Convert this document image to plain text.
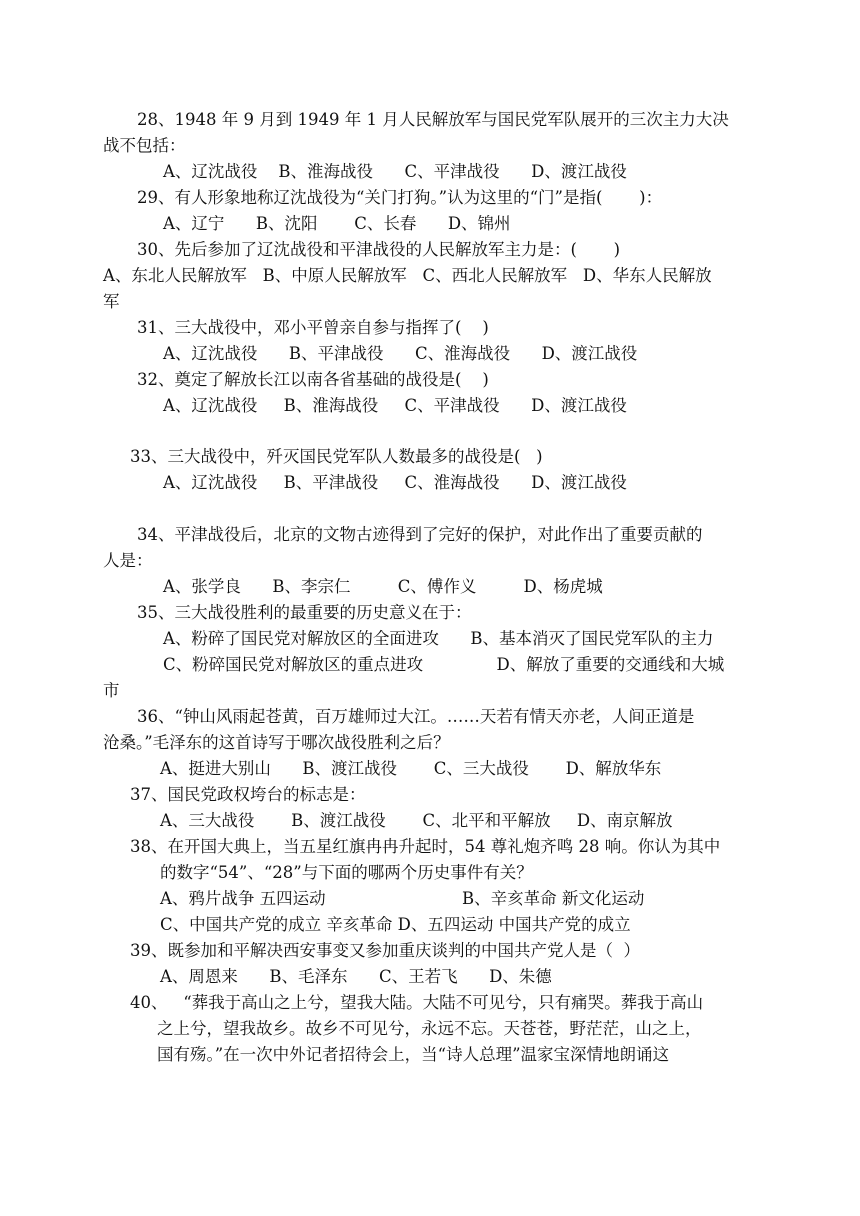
28、1948 年 9 月到 1949 年 1 月人民解放军与国民党军队展开的三次主力大决
战不包括：
A、辽沈战役    B、淮海战役      C、平津战役      D、渡江战役
29、有人形象地称辽沈战役为“关门打狗。”认为这里的“门”是指(       )：
A、辽宁      B、沈阳       C、长春      D、锦州
30、先后参加了辽沈战役和平津战役的人民解放军主力是：(       )
A、东北人民解放军   B、中原人民解放军   C、西北人民解放军   D、华东人民解放
军
31、三大战役中，邓小平曾亲自参与指挥了(    )
A、辽沈战役      B、平津战役      C、淮海战役      D、渡江战役
32、奠定了解放长江以南各省基础的战役是(    )
A、辽沈战役     B、淮海战役     C、平津战役      D、渡江战役
33、三大战役中，歼灭国民党军队人数最多的战役是(   )
A、辽沈战役     B、平津战役     C、淮海战役      D、渡江战役
34、平津战役后，北京的文物古迹得到了完好的保护，对此作出了重要贡献的
人是：
A、张学良      B、李宗仁         C、傅作义         D、杨虎城
35、三大战役胜利的最重要的历史意义在于：
A、粉碎了国民党对解放区的全面进攻      B、基本消灭了国民党军队的主力
C、粉碎国民党对解放区的重点进攻              D、解放了重要的交通线和大城
市
36、“钟山风雨起苍黄，百万雄师过大江。……天若有情天亦老，人间正道是
沧桑。”毛泽东的这首诗写于哪次战役胜利之后？
A、挺进大别山      B、渡江战役       C、三大战役       D、解放华东
37、国民党政权垮台的标志是：
A、三大战役       B、渡江战役       C、北平和平解放     D、南京解放
38、在开国大典上，当五星红旗冉冉升起时，54 尊礼炮齐鸣 28 响。你认为其中
的数字“54”、“28”与下面的哪两个历史事件有关？
A、鸦片战争 五四运动                          B、辛亥革命 新文化运动
C、中国共产党的成立 辛亥革命 D、五四运动 中国共产党的成立
39、既参加和平解决西安事变又参加重庆谈判的中国共产党人是（  ）
A、周恩来      B、毛泽东      C、王若飞      D、朱德
40、   “葬我于高山之上兮，望我大陆。大陆不可见兮，只有痛哭。葬我于高山
之上兮，望我故乡。故乡不可见兮，永远不忘。天苍苍，野茫茫，山之上，
国有殇。”在一次中外记者招待会上，当“诗人总理”温家宝深情地朗诵这
